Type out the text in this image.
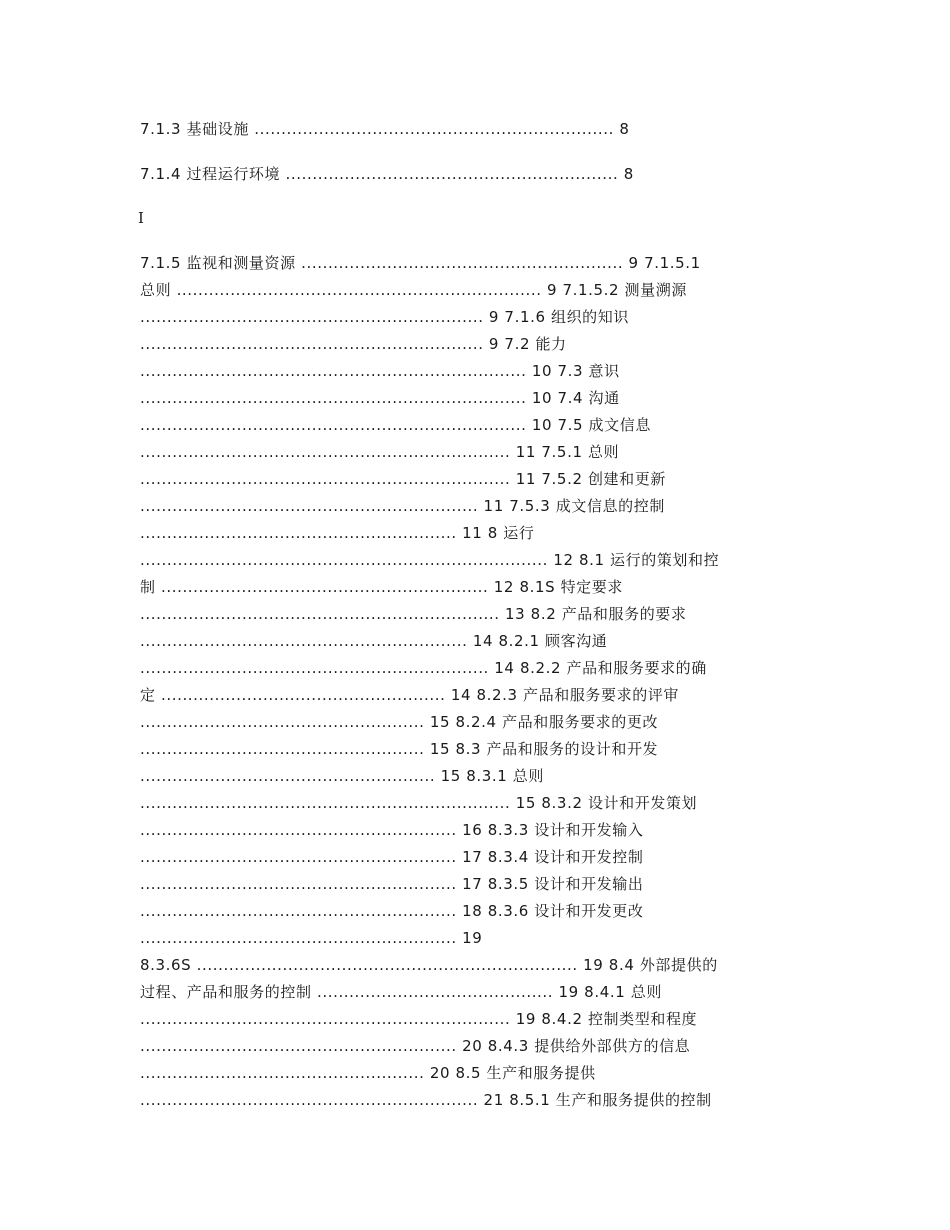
7.1.3 基础设施 ................................................................... 8
7.1.4 过程运行环境 .............................................................. 8
I
7.1.5 监视和测量资源 ............................................................ 9 7.1.5.1
总则 .................................................................... 9 7.1.5.2 测量溯源
................................................................ 9 7.1.6 组织的知识
................................................................ 9 7.2 能力
........................................................................ 10 7.3 意识
........................................................................ 10 7.4 沟通
........................................................................ 10 7.5 成文信息
..................................................................... 11 7.5.1 总则
..................................................................... 11 7.5.2 创建和更新
............................................................... 11 7.5.3 成文信息的控制
........................................................... 11 8 运行
............................................................................ 12 8.1 运行的策划和控
制 ............................................................. 12 8.1S 特定要求
................................................................... 13 8.2 产品和服务的要求
............................................................. 14 8.2.1 顾客沟通
................................................................. 14 8.2.2 产品和服务要求的确
定 ..................................................... 14 8.2.3 产品和服务要求的评审
..................................................... 15 8.2.4 产品和服务要求的更改
..................................................... 15 8.3 产品和服务的设计和开发
....................................................... 15 8.3.1 总则
..................................................................... 15 8.3.2 设计和开发策划
........................................................... 16 8.3.3 设计和开发输入
........................................................... 17 8.3.4 设计和开发控制
........................................................... 17 8.3.5 设计和开发输出
........................................................... 18 8.3.6 设计和开发更改
........................................................... 19
8.3.6S ....................................................................... 19 8.4 外部提供的
过程、产品和服务的控制 ............................................ 19 8.4.1 总则
..................................................................... 19 8.4.2 控制类型和程度
........................................................... 20 8.4.3 提供给外部供方的信息
..................................................... 20 8.5 生产和服务提供
............................................................... 21 8.5.1 生产和服务提供的控制
